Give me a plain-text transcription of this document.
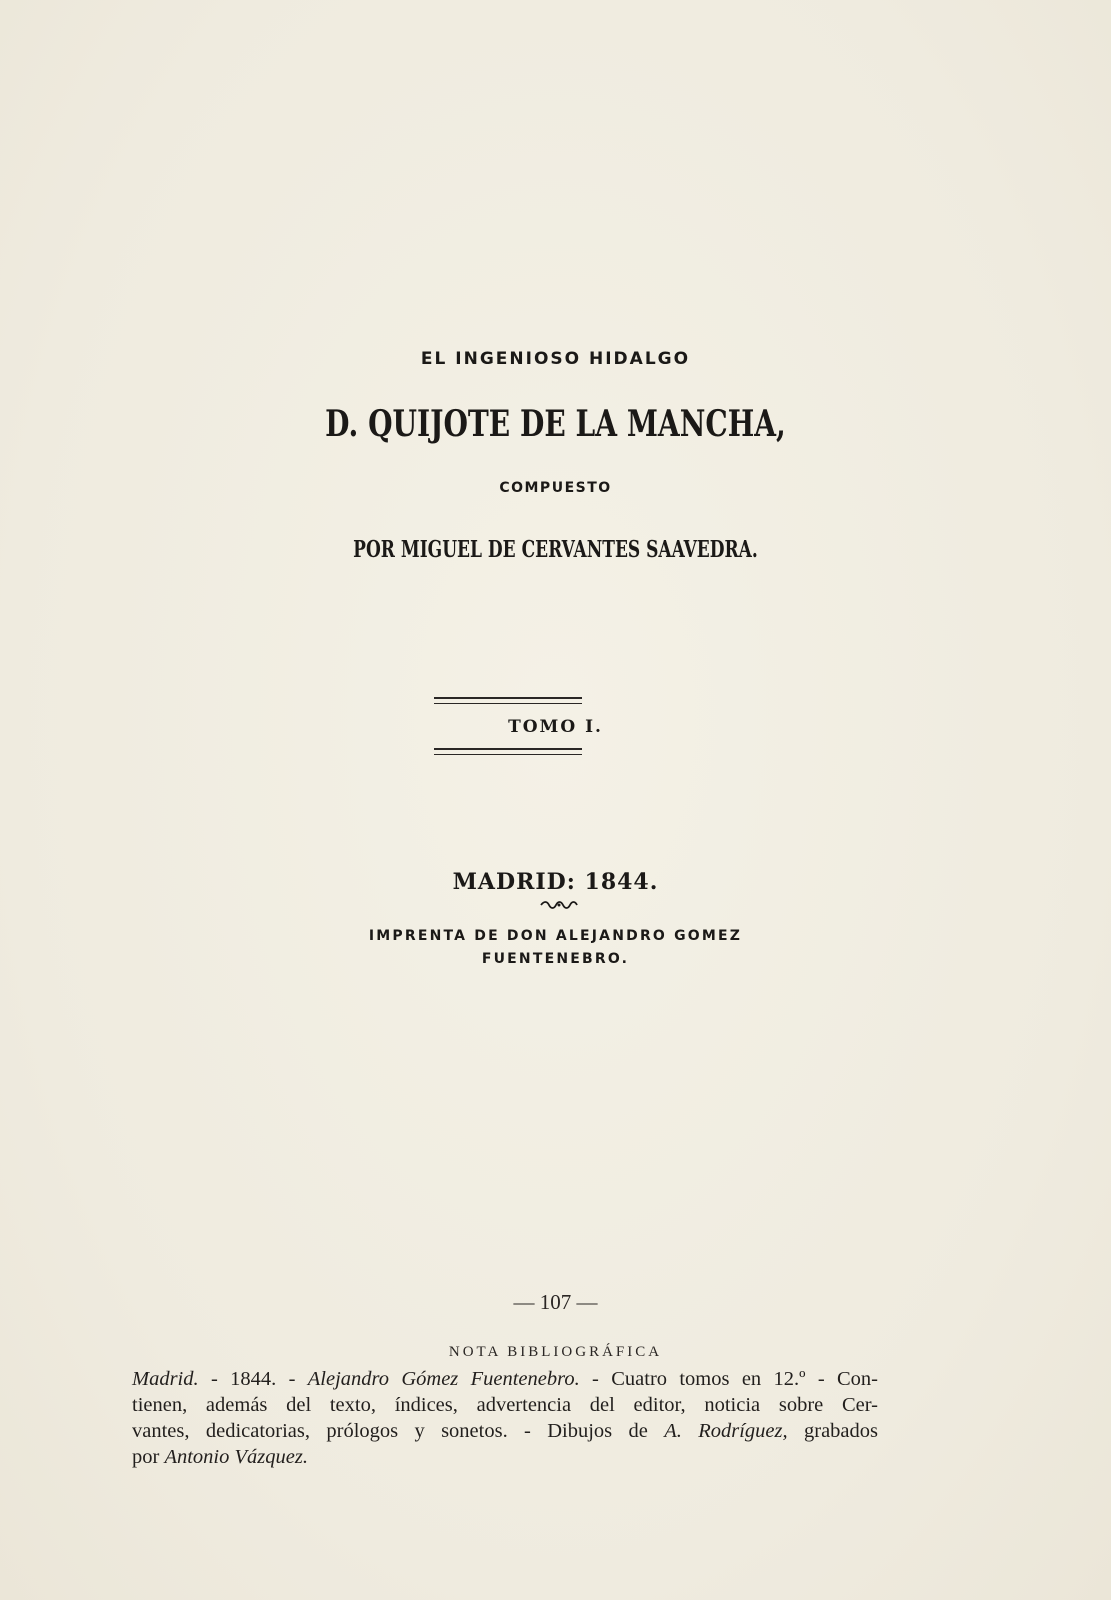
EL INGENIOSO HIDALGO
D. QUIJOTE DE LA MANCHA,
COMPUESTO
POR MIGUEL DE CERVANTES SAAVEDRA.
TOMO I.
MADRID: 1844.
IMPRENTA DE DON ALEJANDRO GOMEZ
FUENTENEBRO.
— 107 —
NOTA BIBLIOGRÁFICA
Madrid. - 1844. - Alejandro Gómez Fuentenebro. - Cuatro tomos en 12.º - Con-
tienen, además del texto, índices, advertencia del editor, noticia sobre Cer-
vantes, dedicatorias, prólogos y sonetos. - Dibujos de A. Rodríguez, grabados
por Antonio Vázquez.
